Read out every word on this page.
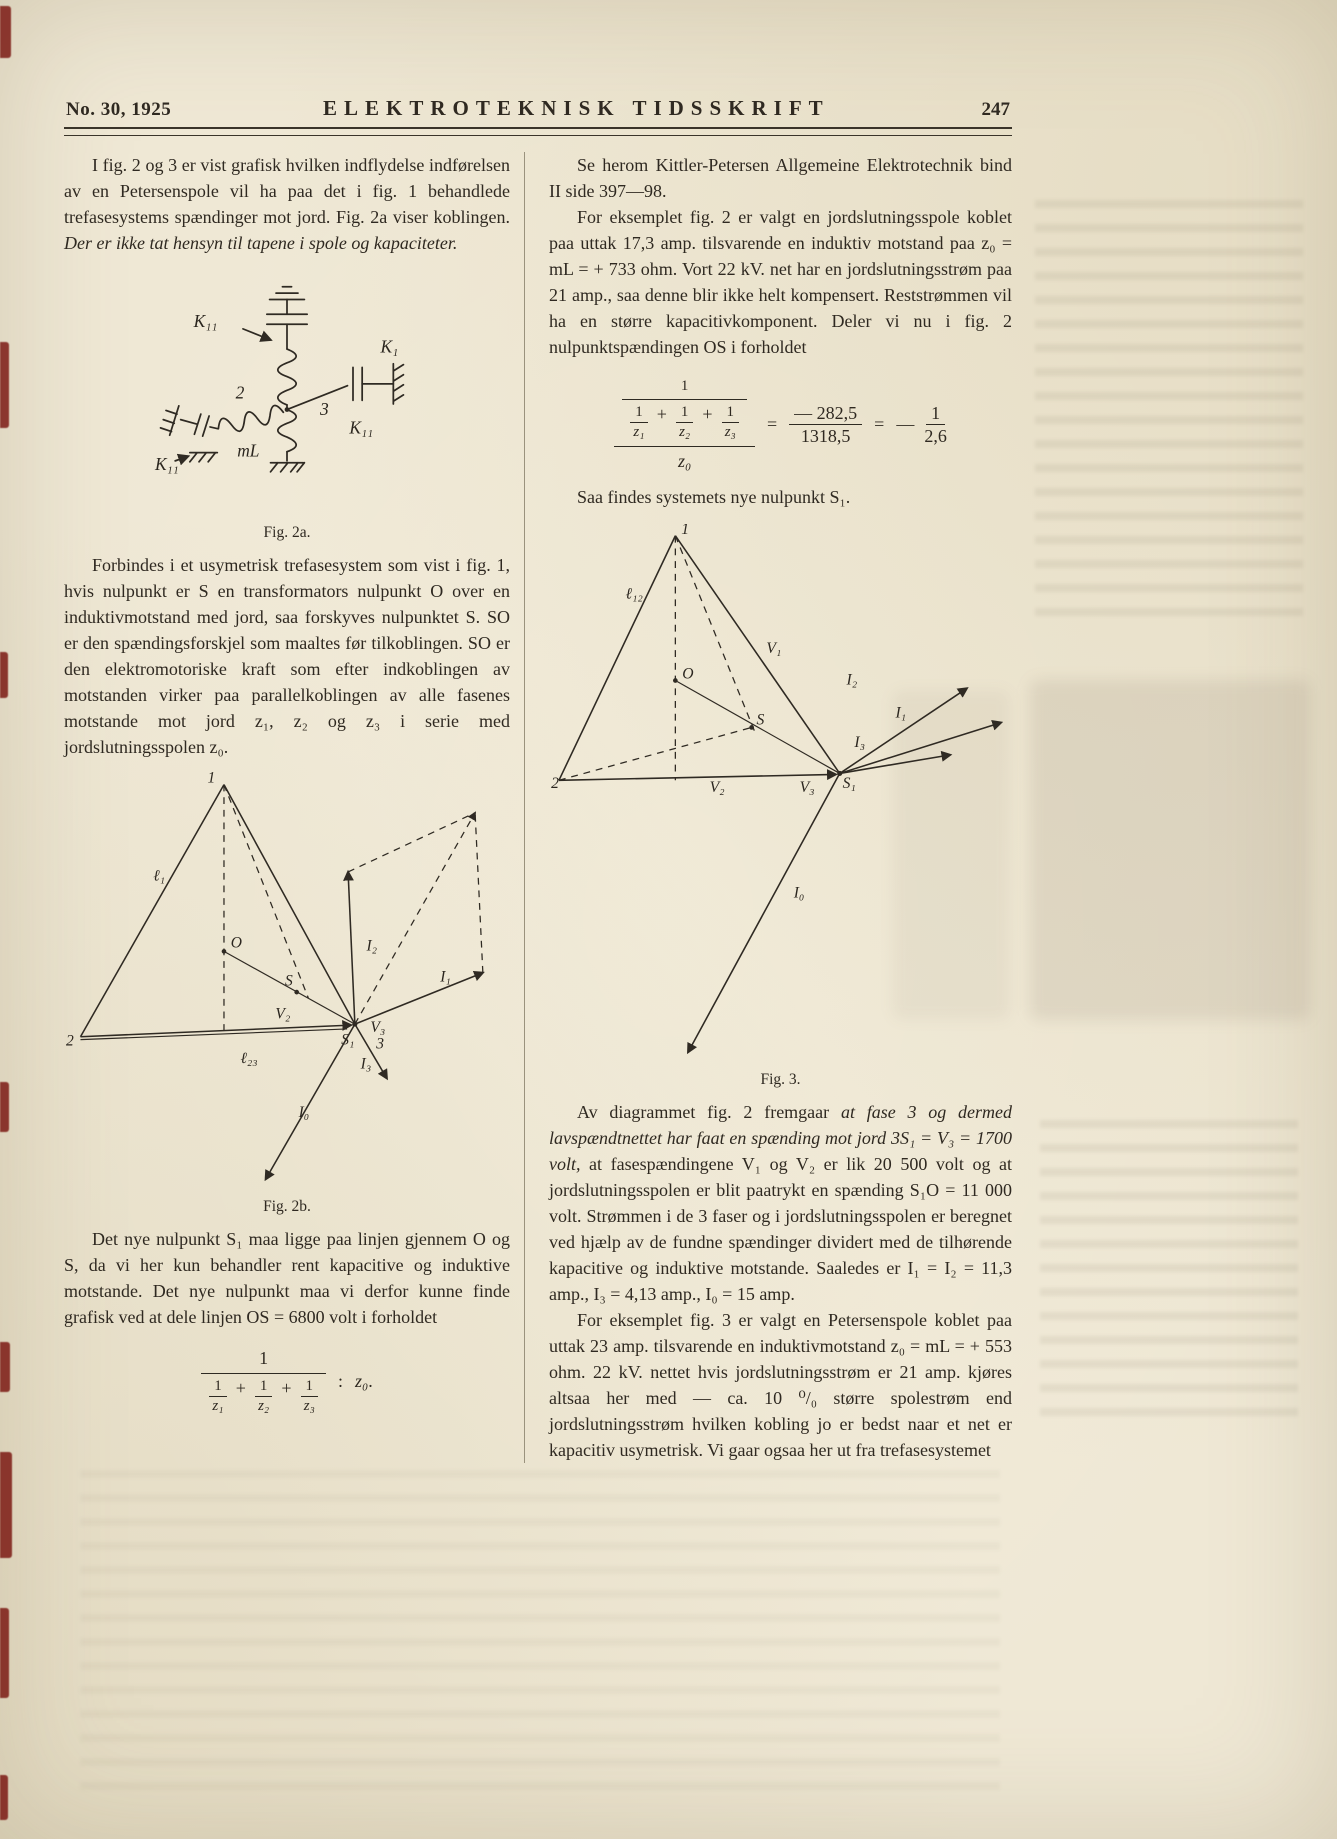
No. 30, 1925	ELEKTROTEKNISK TIDSSKRIFT	247

I fig. 2 og 3 er vist grafisk hvilken indflydelse indførelsen av en Petersenspole vil ha paa det i fig. 1 behandlede trefasesystems spændinger mot jord. Fig. 2a viser koblingen. Der er ikke tat hensyn til tapene i spole og kapaciteter.

K₁₁
K₁
K₁₁
K₁₁
mL
2
3
Fig. 2a.

Forbindes i et usymetrisk trefasesystem som vist i fig. 1, hvis nulpunkt er S en transformators nulpunkt O over en induktivmotstand med jord, saa forskyves nulpunktet S. SO er den spændingsforskjel som maaltes før tilkoblingen. SO er den elektromotoriske kraft som efter indkoblingen av motstanden virker paa parallelkoblingen av alle fasenes motstande mot jord z₁, z₂ og z₃ i serie med jordslutningsspolen z₀.

1
2
ℓ₁
O
S
S₁
V₃
3
V₂
ℓ₂₃
I₂
I₁
I₃
I₀
Fig. 2b.

Det nye nulpunkt S₁ maa ligge paa linjen gjennem O og S, da vi her kun behandler rent kapacitive og induktive motstande. Det nye nulpunkt maa vi derfor kunne finde grafisk ved at dele linjen OS = 6800 volt i forholdet

1
1
z₁
+ $\frac{1}{\text{z₂}} + \frac{1}{\text{z₃}}$ : z₀.

Se herom Kittler-Petersen Allgemeine Elektrotechnik bind II side 397—98.

For eksemplet fig. 2 er valgt en jordslutningsspole koblet paa uttak 17,3 amp. tilsvarende en induktiv motstand paa z₀ = mL = + 733 ohm. Vort 22 kV. net har en jordslutningsstrøm paa 21 amp., saa denne blir ikke helt kompensert. Reststrømmen vil ha en større kapacitivkomponent. Deler vi nu i fig. 2 nulpunktspændingen OS i forholdet

1
1
z₁
+ $\frac{1}{\text{z₂}} + \frac{1}{\text{z₃}}$
z₀
= $\frac{— 282,5}{1318,5}$ = —
1
2,6

Saa findes systemets nye nulpunkt S₁.

1
2
ℓ₁₂
O
S
V₁
V₂	V₃ S₁
I₂
I₁
I₃
I₀
Fig. 3.

Av diagrammet fig. 2 fremgaar at fase 3 og dermed lavspændtnettet har faat en spænding mot jord 3S₁ = V₃ = 1700 volt, at fasespændingene V₁ og V₂ er lik 20 500 volt og at jordslutningsspolen er blit paatrykt en spænding S₁O = 11 000 volt. Strømmen i de 3 faser og i jordslutningsspolen er beregnet ved hjælp av de fundne spændinger dividert med de tilhørende kapacitive og induktive motstande. Saaledes er I₁ = I₂ = 11,3 amp., I₃ = 4,13 amp., I₀ = 15 amp.

For eksemplet fig. 3 er valgt en Petersenspole koblet paa uttak 23 amp. tilsvarende en induktivmotstand z₀ = mL = + 553 ohm. 22 kV. nettet hvis jordslutningsstrøm er 21 amp. kjøres altsaa her med — ca. 10 ⁰/₀ større spolestrøm end jordslutningsstrøm hvilken kobling jo er bedst naar et net er kapacitiv usymetrisk. Vi gaar ogsaa her ut fra trefasesystemet
